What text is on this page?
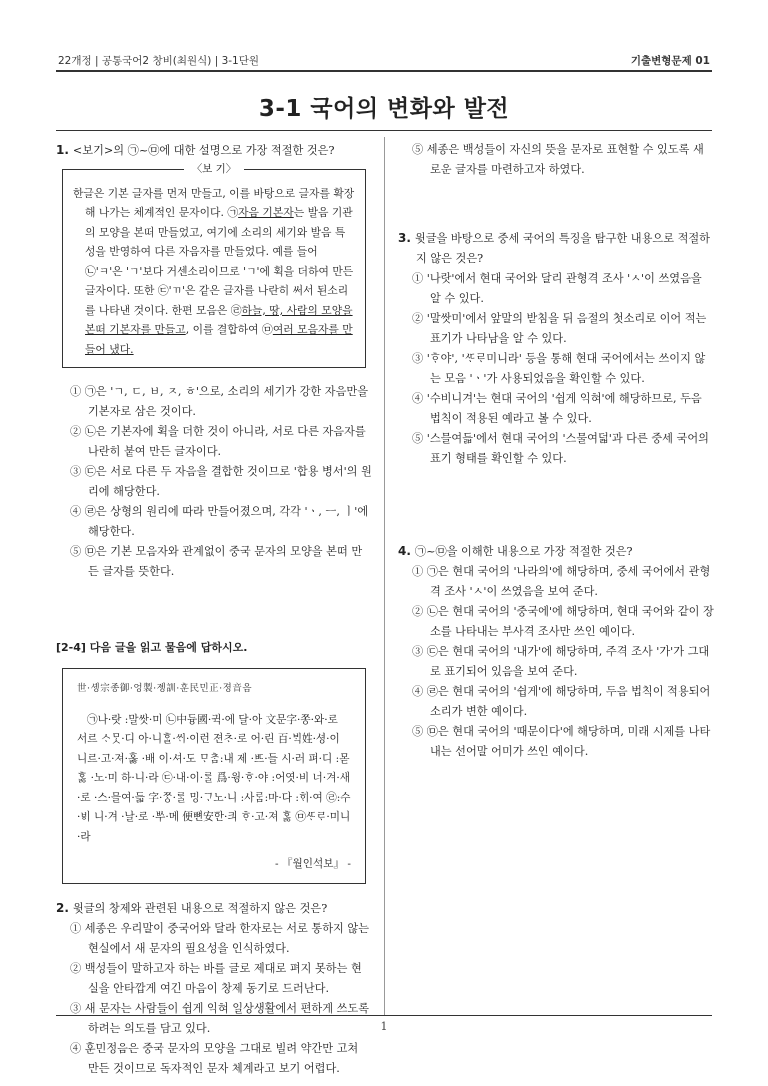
22개정 | 공통국어2 창비(최원식) | 3-1단원	기출변형문제 01
3-1 국어의 변화와 발전
1. <보기>의 ㉠~㉤에 대한 설명으로 가장 적절한 것은?
〈보 기〉

한글은 기본 글자를 먼저 만들고, 이를 바탕으로 글자를 확장해 나가는 체계적인 문자이다. ㉠자음 기본자는 발음 기관의 모양을 본떠 만들었고, 여기에 소리의 세기와 발음 특성을 반영하여 다른 자음자를 만들었다. 예를 들어 ㉡'ㅋ'은 'ㄱ'보다 거센소리이므로 'ㄱ'에 획을 더하여 만든 글자이다. 또한 ㉢'ㄲ'은 같은 글자를 나란히 써서 된소리를 나타낸 것이다. 한편 모음은 ㉣하늘, 땅, 사람의 모양을 본떠 기본자를 만들고, 이를 결합하여 ㉤여러 모음자를 만들어 냈다.

① ㉠은 'ㄱ, ㄷ, ㅂ, ㅈ, ㅎ'으로, 소리의 세기가 강한 자음만을 기본자로 삼은 것이다.
② ㉡은 기본자에 획을 더한 것이 아니라, 서로 다른 자음자를 나란히 붙여 만든 글자이다.
③ ㉢은 서로 다른 두 자음을 결합한 것이므로 '합용 병서'의 원리에 해당한다.
④ ㉣은 상형의 원리에 따라 만들어졌으며, 각각 'ㆍ, ㅡ, ㅣ'에 해당한다.
⑤ ㉤은 기본 모음자와 관계없이 중국 문자의 모양을 본떠 만든 글자를 뜻한다.
[2-4] 다음 글을 읽고 물음에 답하시오.
世·솅宗종御·엉製·졩訓·훈民민正·졍音음
㉠나·랏 :말쌋·미 ㉡中듕國·귁·에 달·아 文문字·쫑·와·로 서르 ᄉᆞᄆᆞᆺ·디 아·니ᄒᆞᆯ·ᄊᆡ·이런 젼ᄎᆞ·로 어·린 百·ᄇᆡᆨ姓·셩·이 니르·고·져·홇 ·배 이·셔·도 ᄆᆞᄎᆞᆷ:내 제 ·ᄠᅳ·들 시·러 펴·디 :몯 ᄒᆞᇙ ·노·미 하·니·라 ㉢·내·이·ᄅᆞᆯ 爲·윙·ᄒᆞ·야 :어엿·비 너·겨·새·로 ·스·믈여·듧 字·ᄍᆞᆼ·ᄅᆞᆯ 밍·ᄀᆞ노·니 :사ᄅᆞᆷ:마·다 :ᄒᆡ·여 ㉣:수·ᄫᅵ 니·겨 ·날·로 ·ᄡᅮ·메 便뼌安ᅙᅡᆫ·킈 ᄒᆞ·고·져 ᄒᆞᇙ ㉤ᄯᆞᄅᆞ·미니·라
- 『월인석보』 -
2. 윗글의 창제와 관련된 내용으로 적절하지 않은 것은?
① 세종은 우리말이 중국어와 달라 한자로는 서로 통하지 않는 현실에서 새 문자의 필요성을 인식하였다.
② 백성들이 말하고자 하는 바를 글로 제대로 펴지 못하는 현실을 안타깝게 여긴 마음이 창제 동기로 드러난다.
③ 새 문자는 사람들이 쉽게 익혀 일상생활에서 편하게 쓰도록 하려는 의도를 담고 있다.
④ 훈민정음은 중국 문자의 모양을 그대로 빌려 약간만 고쳐 만든 것이므로 독자적인 문자 체계라고 보기 어렵다.
⑤ 세종은 백성들이 자신의 뜻을 문자로 표현할 수 있도록 새로운 글자를 마련하고자 하였다.
3. 윗글을 바탕으로 중세 국어의 특징을 탐구한 내용으로 적절하지 않은 것은?
① '나랏'에서 현대 국어와 달리 관형격 조사 'ㅅ'이 쓰였음을 알 수 있다.
② '말쌋미'에서 앞말의 받침을 뒤 음절의 첫소리로 이어 적는 표기가 나타남을 알 수 있다.
③ 'ᄒᆞ야', 'ᄯᆞᄅᆞ미니라' 등을 통해 현대 국어에서는 쓰이지 않는 모음 'ㆍ'가 사용되었음을 확인할 수 있다.
④ '수비니겨'는 현대 국어의 '쉽게 익혀'에 해당하므로, 두음 법칙이 적용된 예라고 볼 수 있다.
⑤ '스믈여듧'에서 현대 국어의 '스물여덟'과 다른 중세 국어의 표기 형태를 확인할 수 있다.
4. ㉠~㉤을 이해한 내용으로 가장 적절한 것은?
① ㉠은 현대 국어의 '나라의'에 해당하며, 중세 국어에서 관형격 조사 'ㅅ'이 쓰였음을 보여 준다.
② ㉡은 현대 국어의 '중국에'에 해당하며, 현대 국어와 같이 장소를 나타내는 부사격 조사만 쓰인 예이다.
③ ㉢은 현대 국어의 '내가'에 해당하며, 주격 조사 '가'가 그대로 표기되어 있음을 보여 준다.
④ ㉣은 현대 국어의 '쉽게'에 해당하며, 두음 법칙이 적용되어 소리가 변한 예이다.
⑤ ㉤은 현대 국어의 '때문이다'에 해당하며, 미래 시제를 나타내는 선어말 어미가 쓰인 예이다.
1
